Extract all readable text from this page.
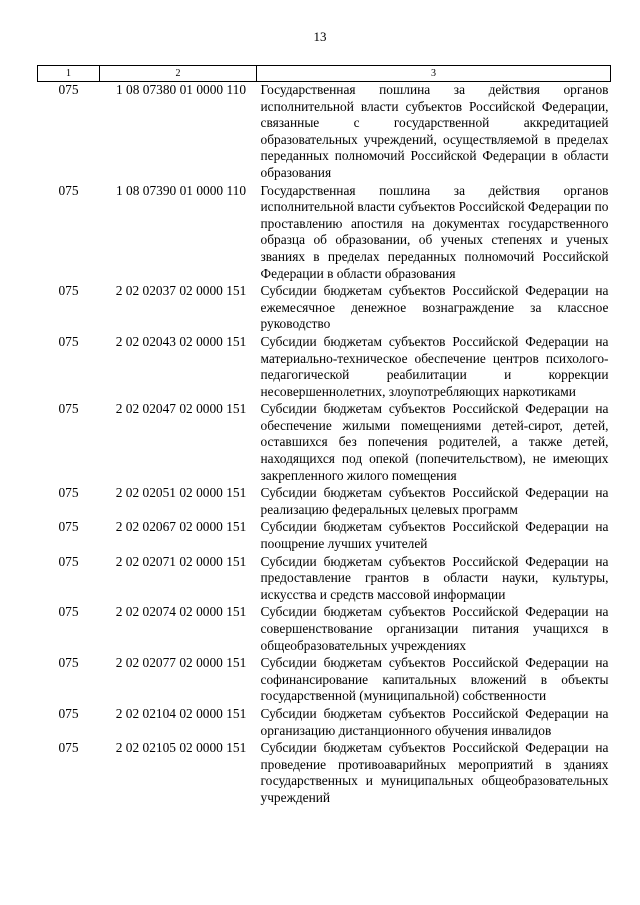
13
1	2	3
075	1 08 07380 01 0000 110	Государственная пошлина за действия органов исполнительной власти субъектов Российской Федерации, связанные с государственной аккредитацией образовательных учреждений, осуществляемой в пределах переданных полномочий Российской Федерации в области образования
075	1 08 07390 01 0000 110	Государственная пошлина за действия органов исполнительной власти субъектов Российской Федерации по проставлению апостиля на документах государственного образца об образовании, об ученых степенях и ученых званиях в пределах переданных полномочий Российской Федерации в области образования
075	2 02 02037 02 0000 151	Субсидии бюджетам субъектов Российской Федерации на ежемесячное денежное вознаграждение за классное руководство
075	2 02 02043 02 0000 151	Субсидии бюджетам субъектов Российской Федерации на материально-техническое обеспечение центров психолого-педагогической реабилитации и коррекции несовершеннолетних, злоупотребляющих наркотиками
075	2 02 02047 02 0000 151	Субсидии бюджетам субъектов Российской Федерации на обеспечение жилыми помещениями детей-сирот, детей, оставшихся без попечения родителей, а также детей, находящихся под опекой (попечительством), не имеющих закрепленного жилого помещения
075	2 02 02051 02 0000 151	Субсидии бюджетам субъектов Российской Федерации на реализацию федеральных целевых программ
075	2 02 02067 02 0000 151	Субсидии бюджетам субъектов Российской Федерации на поощрение лучших учителей
075	2 02 02071 02 0000 151	Субсидии бюджетам субъектов Российской Федерации на предоставление грантов в области науки, культуры, искусства и средств массовой информации
075	2 02 02074 02 0000 151	Субсидии бюджетам субъектов Российской Федерации на совершенствование организации питания учащихся в общеобразовательных учреждениях
075	2 02 02077 02 0000 151	Субсидии бюджетам субъектов Российской Федерации на софинансирование капитальных вложений в объекты государственной (муниципальной) собственности
075	2 02 02104 02 0000 151	Субсидии бюджетам субъектов Российской Федерации на организацию дистанционного обучения инвалидов
075	2 02 02105 02 0000 151	Субсидии бюджетам субъектов Российской Федерации на проведение противоаварийных мероприятий в зданиях государственных и муниципальных общеобразовательных учреждений
